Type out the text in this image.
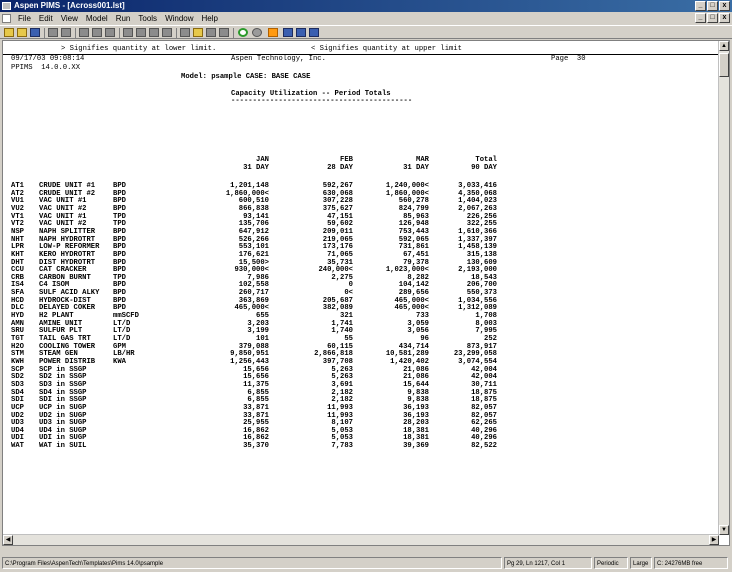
Aspen PIMS - [Across001.lst]	_	□	x
File	Edit	View	Model	Run	Tools	Window	Help	_	□	x

> Signifies quantity at lower limit.

	< Signifies quantity at upper limit

09/17/03 09:08:14

	Aspen Technology, Inc.

	Page  30

PPIMS  14.0.0.XX

Model: psample CASE: BASE CASE

Capacity Utilization -- Period Totals

------------------------------------------

JAN	FEB	MAR	Total

31 DAY	28 DAY	31 DAY	90 DAY

AT1 CRUDE UNIT #1 BPD	1,201,148	592,267	1,240,000<	3,033,416
AT2 CRUDE UNIT #2 BPD	1,860,000<	630,068	1,860,000<	4,350,068
VU1 VAC UNIT #1	BPD	600,510	307,228	560,278	1,404,023
VU2 VAC UNIT #2	BPD	866,838	375,627	824,799	2,067,263
VT1 VAC UNIT #1	TPD	93,141	47,151	85,963	226,256
VT2 VAC UNIT #2	TPD	135,706	59,602	126,948	322,255
NSP NAPH SPLITTER BPD	647,912	209,011	753,443	1,610,366
NHT NAPH HYDROTRT BPD	526,266	219,065	592,065	1,337,397
LPR LOW-P REFORMER BPD	553,101	173,176	731,861	1,458,139
KHT KERO HYDROTRT BPD	176,621	71,065	67,451	315,138
DHT DIST HYDROTRT BPD	15,500>	35,731	79,378	130,609
CCU CAT CRACKER	BPD	930,000<	240,000<	1,023,000<	2,193,000
CRB CARBON BURNT	TPD	7,986	2,275	8,282	18,543
IS4 C4 ISOM	BPD	102,558	0	104,142	206,700
SFA SULF ACID ALKY BPD	260,717	0<	289,656	550,373
HCD HYDROCK-DIST	BPD	363,869	205,687	465,000<	1,034,556
DLC DELAYED COKER BPD	465,000<	382,089	465,000<	1,312,089
HYD H2 PLANT	mmSCFD	655	321	733	1,708
AMN AMINE UNIT	LT/D	3,203	1,741	3,059	8,003
SRU SULFUR PLT	LT/D	3,199	1,740	3,056	7,995
TGT TAIL GAS TRT	LT/D	101	55	96	252
H2O COOLING TOWER GPM	379,088	60,115	434,714	873,917
STM STEAM GEN	LB/HR	9,850,951	2,866,818	10,581,289	23,299,058
KWH POWER DISTRIB KWA	1,256,443	397,708	1,420,402	3,074,554
SCP SCP in SSGP	15,656	5,263	21,086	42,004
SD2 SD2 in SSGP	15,656	5,263	21,086	42,004
SD3 SD3 in SSGP	11,375	3,691	15,644	30,711
SD4 SD4 in SSGP	6,855	2,182	9,838	18,875
SDI SDI in SSGP	6,855	2,182	9,838	18,875
UCP UCP in SUGP	33,871	11,993	36,193	82,057
UD2 UD2 in SUGP	33,871	11,993	36,193	82,057
UD3 UD3 in SUGP	25,955	8,107	28,203	62,265
UD4 UD4 in SUGP	16,862	5,053	18,381	40,296
UDI UDI in SUGP	16,862	5,053	18,381	40,296
WAT WAT in SUIL	35,370	7,783	39,369	82,522

▲
▼
◀	▶
C:\Program Files\AspenTech\Templates\Pims 14.0\psample	Pg 29, Ln 1217, Col 1	Periodic	Large	C: 24276MB free
